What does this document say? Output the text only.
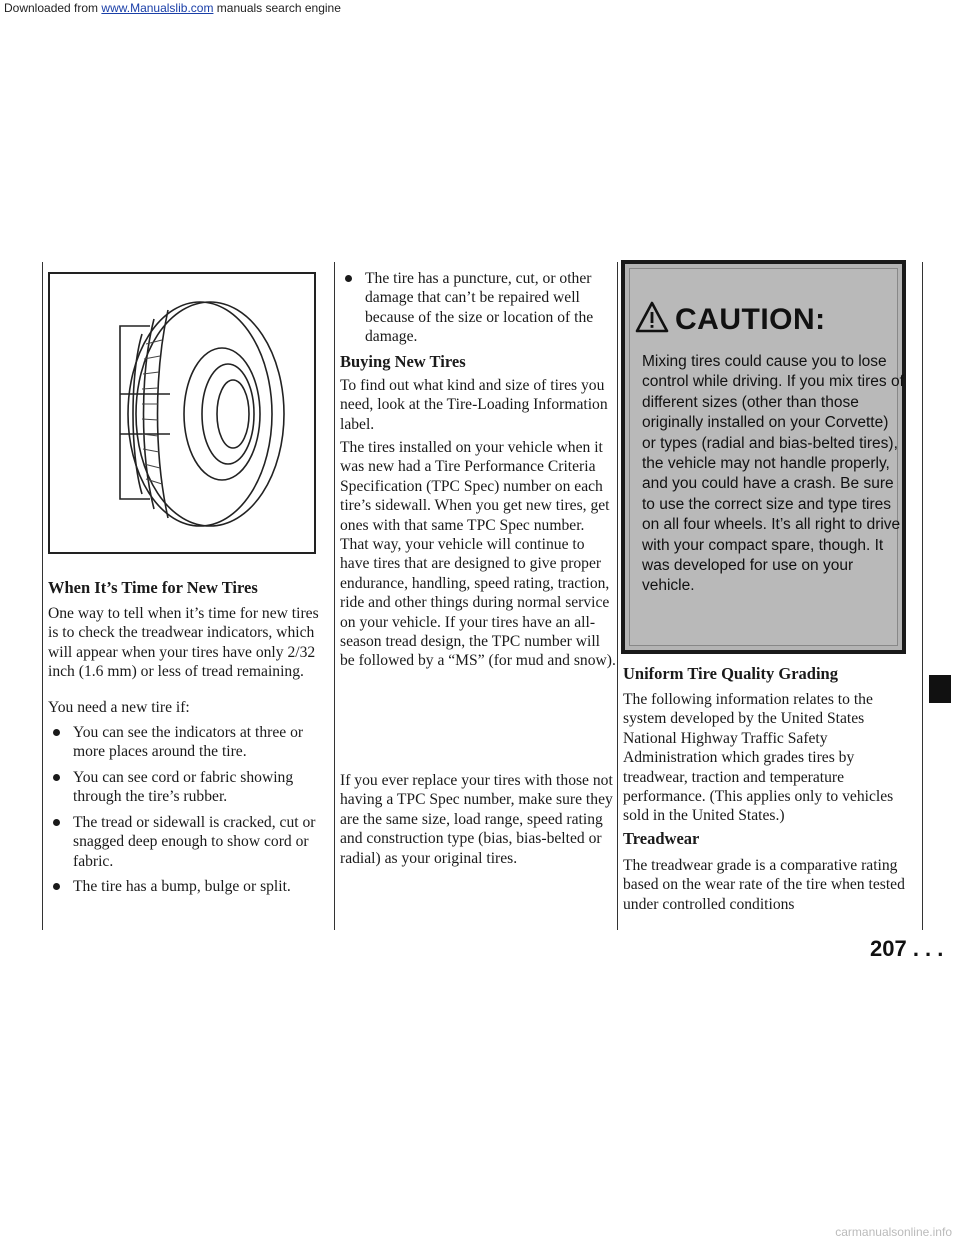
Downloaded from www.Manualslib.com manuals search engine
When It’s Time for New Tires

One way to tell when it’s time for new tires is to check the treadwear indicators, which will appear when your tires have only 2/32 inch (1.6 mm) or less of tread remaining.

You need a new tire if:

You can see the indicators at three or more places around the tire.
You can see cord or fabric showing through the tire’s rubber.
The tread or sidewall is cracked, cut or snagged deep enough to show cord or fabric.
The tire has a bump, bulge or split.
The tire has a puncture, cut, or other damage that can’t be repaired well because of the size or location of the damage.
Buying New Tires

To find out what kind and size of tires you need, look at the Tire-Loading Information label.

The tires installed on your vehicle when it was new had a Tire Performance Criteria Specification (TPC Spec) number on each tire’s sidewall. When you get new tires, get ones with that same TPC Spec number. That way, your vehicle will continue to have tires that are designed to give proper endurance, handling, speed rating, traction, ride and other things during normal service on your vehicle. If your tires have an all-season tread design, the TPC number will be followed by a “MS” (for mud and snow).

If you ever replace your tires with those not having a TPC Spec number, make sure they are the same size, load range, speed rating and construction type (bias, bias-belted or radial) as your original tires.

CAUTION:
Mixing tires could cause you to lose control while driving. If you mix tires of different sizes (other than those originally installed on your Corvette) or types (radial and bias-belted tires), the vehicle may not handle properly, and you could have a crash. Be sure to use the correct size and type tires on all four wheels. It’s all right to drive with your compact spare, though. It was developed for use on your vehicle.
Uniform Tire Quality Grading

The following information relates to the system developed by the United States National Highway Traffic Safety Administration which grades tires by treadwear, traction and temperature performance. (This applies only to vehicles sold in the United States.)

Treadwear

The treadwear grade is a comparative rating based on the wear rate of the tire when tested under controlled conditions

207 . . .
carmanualsonline.info
